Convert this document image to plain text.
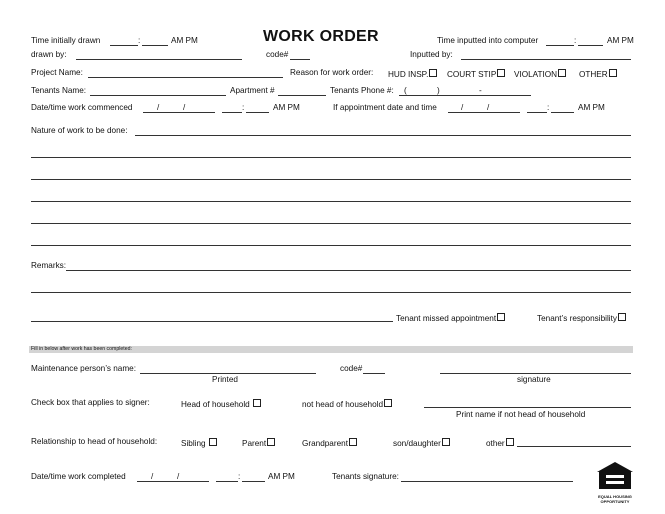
Time initially drawn	:	AM PM	WORK ORDER	Time inputted into computer	:	AM PM
drawn by:	code#	Inputted by:
Project Name:	Reason for work order: HUD INSP.	COURT STIP	VIOLATION	OTHER
Tenants Name:	Apartment #	Tenants Phone #: (	)	-
Date/time work commenced	/	/	:	AM PM	If appointment date and time	/	/	:	AM PM
Nature of work to be done:
Remarks:
Tenant missed appointment	Tenant’s responsibility
Fill in below after work has been completed:
Maintenance person’s name:	code#
Printed	signature
Check box that applies to signer:	Head of household	not head of household
Print name if not head of household
Relationship to head of household:	Sibling	Parent	Grandparent	son/daughter	other
Date/time work completed	/	/	:	AM PM	Tenants signature:
EQUAL HOUSING
OPPORTUNITY
